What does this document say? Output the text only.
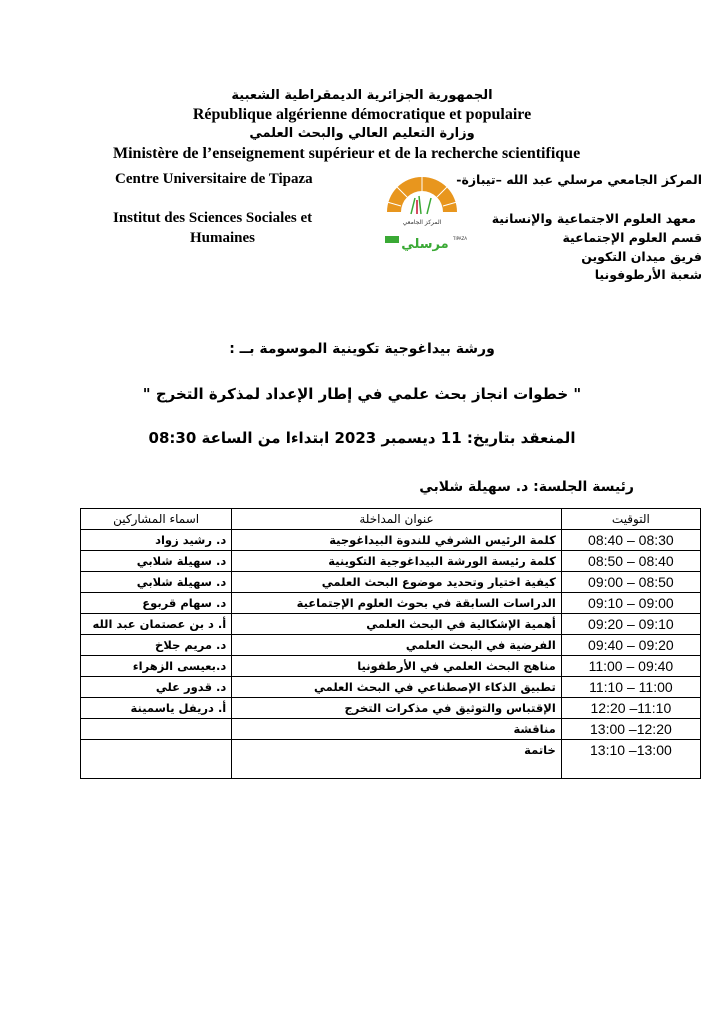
الجمهورية الجزائرية الديمقراطية الشعبية
République algérienne démocratique et populaire
وزارة التعليم العالي والبحث العلمي
Ministère de l’enseignement supérieur et de la recherche scientifique
Centre Universitaire de Tipaza	المركز الجامعي مرسلي عبد الله –تيبازة-
Institut des Sciences Sociales et
Humaines
معهد العلوم الاجتماعية والإنسانية
قسم العلوم الإجتماعية
فريق ميدان التكوين
شعبة الأرطوفونيا
المركز الجامعي
مرسلي TIPAZA
ورشة بيداغوجية تكوينية الموسومة بــ :
" خطوات انجاز بحث علمي في إطار الإعداد لمذكرة التخرج "
المنعقد بتاريخ: 11 ديسمبر 2023 ابتداءا من الساعة 08:30
رئيسة الجلسة: د. سهيلة شلابي
التوقيت	عنوان المداخلة	اسماء المشاركين
08:30 – 08:40	كلمة الرئيس الشرفي للندوة البيداغوجية	د. رشيد زواد
08:40 – 08:50	كلمة رئيسة الورشة البيداغوجية التكوينية	د. سهيلة شلابي
08:50 – 09:00	كيفية اختيار وتحديد موضوع البحث العلمي	د. سهيلة شلابي
09:00 – 09:10	الدراسات السابقة في بحوث العلوم الإجتماعية	د. سهام قربوع
09:10 – 09:20	أهمية الإشكالية في البحث العلمي	أ. د بن عصتمان عبد الله
09:20 – 09:40	الفرضية في البحث العلمي	د. مريم جلاخ
09:40 – 11:00	مناهج البحث العلمي في الأرطفونيا	د.بعيسى الزهراء
11:00 – 11:10	تطبيق الذكاء الإصطناعي في البحث العلمي	د. قدور علي
11:10– 12:20	الإقتباس والتوثيق في مذكرات التخرج	أ. دريفل ياسمينة
12:20– 13:00	مناقشة	
13:00– 13:10	خاتمة	
